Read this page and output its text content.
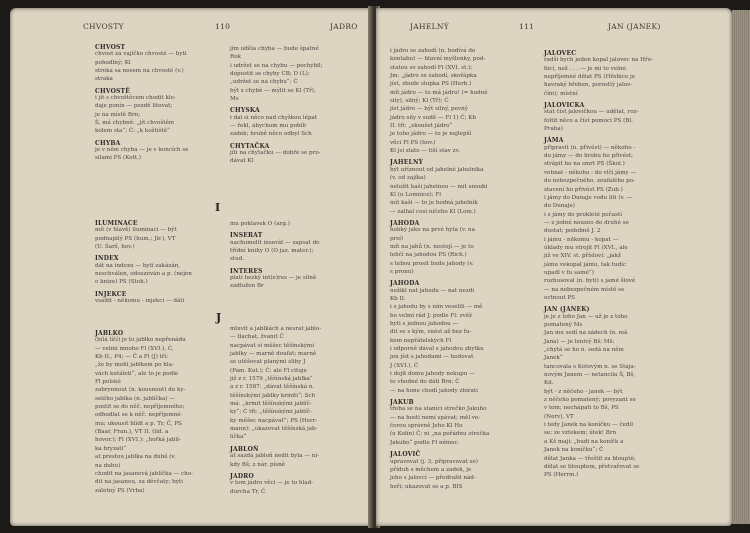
CHVOSTY	110	JADRO
CHVOST
chvost za vajíčko chvosté — byti
pohodlný; Kl
stroka sa nosem na chvosté (v.)
straka
CHVOSTĚ
i jít s chvoštěcem chodit kle-
daje ponín — pozdě litovat;
je na místě Brn;
Š, má chybně: „jít chvoštěm
kolem sta“; Č: „k koštiště“
CHYBA
je v něm chyba — je v koncích se
silami PS (Kott.)
jím uděla chyba — bude špatné
Rok
i udržet se na chybu — pochybil;
dopustit se chyby CB; D (L):
„udržet se na chybu“; Č
být z chybě — mýlit se Kl (Tř),
Ms
CHYSKA
i dal si něco nad chyškou lépat
— řekl, abychom mu pobíli
zadek; hrubě něco odbyl Sch
CHYTAČKA
jíti na chytačku — dobře se pro-
dávat Kl
I
ILUMINACE
mít (v hlavě) iluminaci — být
podnapilý PS (hum.; Jír.), VT
(U. Šarš, hov.)
INDEX
dát na indexu — byti zakázán,
neschválen, odsuzován a p. (nejen
o knize) PS (Stoh.)
INJEKCE
vsadit - někomu - injekci — dáti
mu poklavek O (arg.)
INSERAT
nachumelit inserát — zapsat do
třídní knihy O (O jaz. mater.);
stud.
INTERES
platí hezký int(e)res — je silně
zadlužen Br
J
JABLKO
(bílá líčí) je to jablko nepřenádu
— velmi mnoho Fl (XVI.), Č,
Kb II., P4; — Č a Fl (J) tří:
„že by mohl jablkem po hla-
vách kutáleti“, ale to je podle
Fl polské
zabrynnout (n. kousnout) do ky-
selého jablka (n. jablíčka) —
pustit se do něč. nepříjemného;
odhodlat se k něč. nepříjemné-
mu; ukousit hlídt a p. Tr, Č, PS
(Baar, Fran.), VT II. (lid. a
hovor.); Fl (XVI.): „hořká jablí-
ka hryzati“
at prestou jablka na dubě (v.
na dubu)
chodit na jasanová jablíčka — cho-
dit na jasanou, za děvčaty; byti
záletný PS (Vrba)
mluvit a jablkách a nesrat jablo-
— tlachat, žvanit Č
nacpávat si měšec těšínskými
jablky — marně doufat; marně
se utěšovat planými sliby J
(Pam. Kut.); Č; ale Fl cituje
již z r. 1579 „těšínská jablka“
a z r. 1587: „dávat těšínská n.
těšínskými jablky krmiti“; Sch
má: „krmit těšínskými jablíč-
ky“; Č tři: „těšínskými jablíč-
ky měšec nacpávat“; PS (Herr-
mann): „ukazovat těšínská jab-
líčka“
JABLOŇ
ať sazdá jabloň nedit byla — ni-
kdy Bš; z nár. písně
JADRO
v tom jádro věci — je to hlad-
durcha Tr, Č
JAHELNÝ	111	JAN (JANEK)
i jádro se zahodí (n. hodívá do
kontabu) — hlavní myšlenky, pod-
statou se zahodí Fl (XVI. st.);
Jm: „jádro se zahodí, skořápka
jíst, zbude slupka PS (Herb.)
mít jádro — to má jádro! (= hodně
sily), silný; Kl (Tř); Č
jíst jádro — být silný, pevný
jádro sily v sudě — Fl 1) Č; Kb
II. tři: „zkoušet jádro“
je toho jádro — to je nejlepší
věci Fl PS (hov.)
Kl jsi zlato — tiší stav zv.
JAHELNÝ
být uříznout od jahelné jahelnika
(v. od zajíka)
neložit kaši jahelnou — mít snoubi
Kl (u Lomnice); Fl
mít kaši — to je hodná jahelník
— zalhal cosi ničeho Kl (Lom.)
JAHODA
hebký jako na prvé hyta (v. na
prsí)
mít na jahů (n. nestojí — je to
lehčí na jahodou PS (Rich.)
s tebou prosit bude jahody (v.
s pronu)
JAHODA
nežikl nat jahodu — nat nezdi
Kb II.
i s jahodu by s ním veselili — mě
bo velmi rád J; podle Fl: zvěž
byti s jednou jahodou —
dit se s kým, snést až bez ťu-
kem nepřátelských Fl
i odporně dával s jahodou zbytku
jen jíst s jahodami — hodovat
J (XVI.), Č
i dojít domu jahody nekupu —
to vhodné do dáti Brn; Č
— na hone chodí jahody zbirati
JAKUB
třeba se na stanici strečko Jakubo
— na hosti nemí spávat; měl ve-
čerou správně Jeho Kl Ho
(u Kolín) Č; ni „na pořádnu strečka
Jakubo“ podle Fl němec.
JALOVIČ
upravovat (j. 3, připravovat se)
příduh s měchem a zadek, je
jeho s jalovcí — předražil nád-
heři; ukazovat se a p. BIS
JALOVEC
radši bych jeden kopal jalovec na Hře-
bicí, než . . . — je mi to velmi
nepříjemné dělat PS (Hřebice je
havraký hřeben, porostlý jalov-
čím); místní
JALOVICKA
stát číst jalovičkou — udělat, roz-
foltit něco a číst pomoci PS (Bl.
Praha)
JÁMA
připravit (n. přivést) — někoho -
do jámy — do hrobu ho přivést;
strápit ho na smrt PS (Škol.)
vehnat - někoho - do vlčí jámy —
do nebezpečného, zoufalého po-
stavení ho přivést PS (Zub.)
i jámy do Dunaje vodu liti (v. —
do Dunaje)
i s jámy do prokleté počastí
— z jedné nouzeo do druhé se
dostat; podobně J. 2
i jámu - někomu - kopat —
úklady mu strojit Fl (XVI., ale
již ve XIV. st. přísloví: „jakž
jámu vekopal jámu, tak tudíc
upadl v fu samé“)
rozhusoval (n. byti) s jamé šlové
— na nebezpečném místě se
octnout PS
JAN (JANEK)
je je z toho Jan — už je z toho
pomatený Ms
Jan mu sedí na zádech (n. má
Jana) — je lenivý Bš; Mš:
„chytá se ho n. sedá na něm
Janek“
tancovala s Kotovým n. se Staja-
novým Janem — netancila Š, Bš,
Kd.
být - z něčeho - janek — být
z něčeho pomatený; povyzant se
v tom; nechápati to Bš, PS
(Nerv), VT
i tedy Janek na koníčku — čedil
se; ze vztekem; útek! Brn
a Kš mají: „budi na koníčk a
Janek na koníčku“; Č
dělat Janka — třeštit za blouptě;
dělat se blouptem, přetvařovat se
PS (Herrm.)
